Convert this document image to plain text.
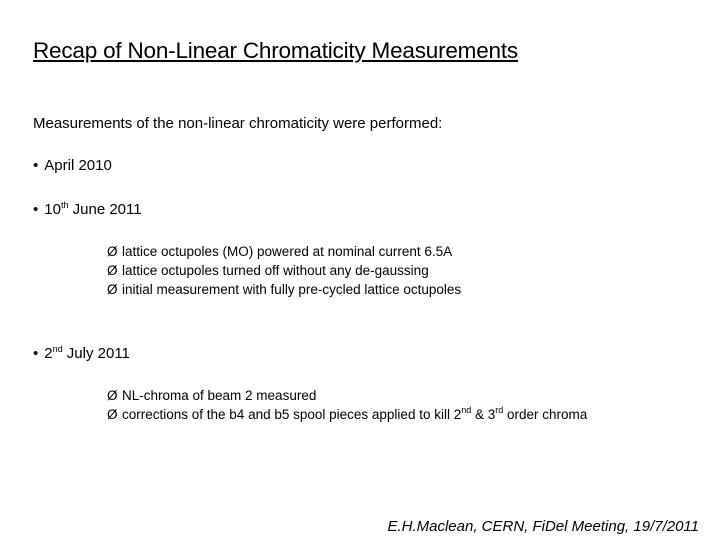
Recap of Non-Linear Chromaticity Measurements
Measurements of the non-linear chromaticity were performed:
• April 2010
• 10th June 2011
Ø lattice octupoles (MO) powered at nominal current 6.5A
Ø lattice octupoles turned off without any de-gaussing
Ø initial measurement with fully pre-cycled lattice octupoles
• 2nd July 2011
Ø NL-chroma of beam 2 measured
Ø corrections of the b4 and b5 spool pieces applied to kill 2nd & 3rd order chroma
E.H.Maclean, CERN, FiDel Meeting, 19/7/2011
